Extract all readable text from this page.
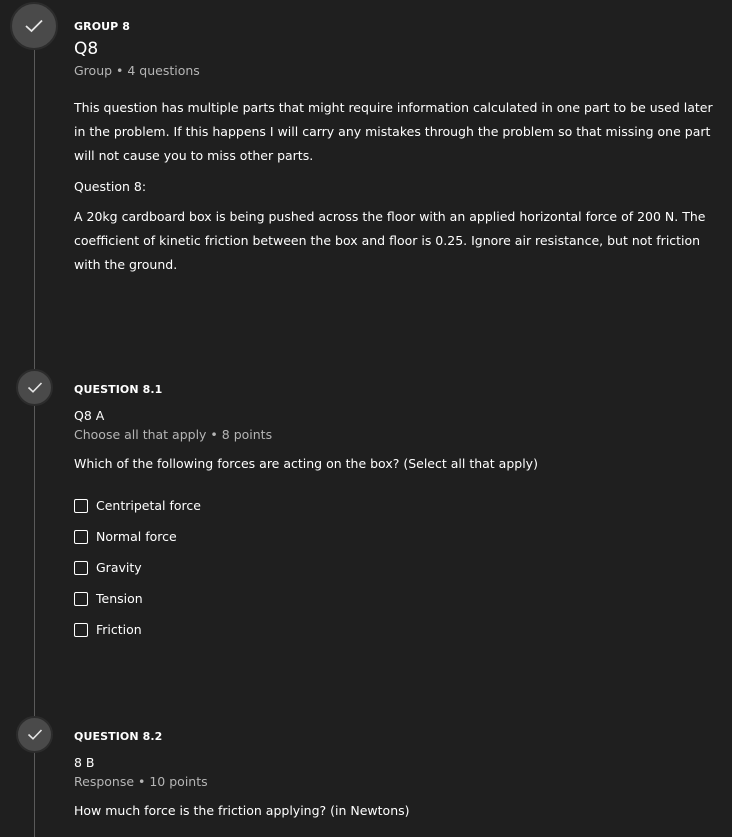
GROUP 8
Q8
Group • 4 questions
This question has multiple parts that might require information calculated in one part to be used later in the problem. If this happens I will carry any mistakes through the problem so that missing one part will not cause you to miss other parts.
Question 8:
A 20kg cardboard box is being pushed across the floor with an applied horizontal force of 200 N. The coefficient of kinetic friction between the box and floor is 0.25. Ignore air resistance, but not friction with the ground.
QUESTION 8.1
Q8 A
Choose all that apply • 8 points
Which of the following forces are acting on the box? (Select all that apply)
Centripetal force
Normal force
Gravity
Tension
Friction
QUESTION 8.2
8 B
Response • 10 points
How much force is the friction applying? (in Newtons)
